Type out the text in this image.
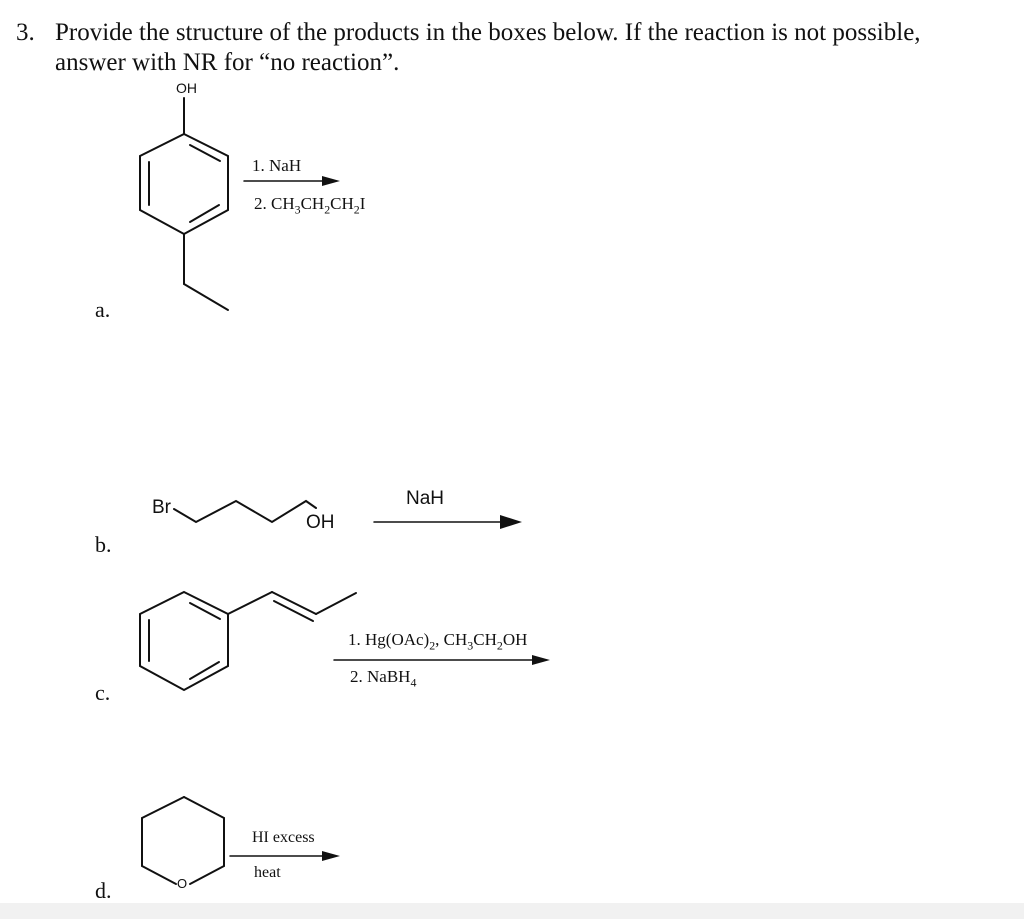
3. Provide the structure of the products in the boxes below. If the reaction is not possible,
answer with NR for “no reaction”.
a.
b.
c.
d.
OH
1. NaH
2. $CH_3CH_2CH_2I$
Br
OH
NaH
1. $Hg(OAc)_2$, $CH_3CH_2OH$
2. NaBH$_4$
O
HI excess
heat
